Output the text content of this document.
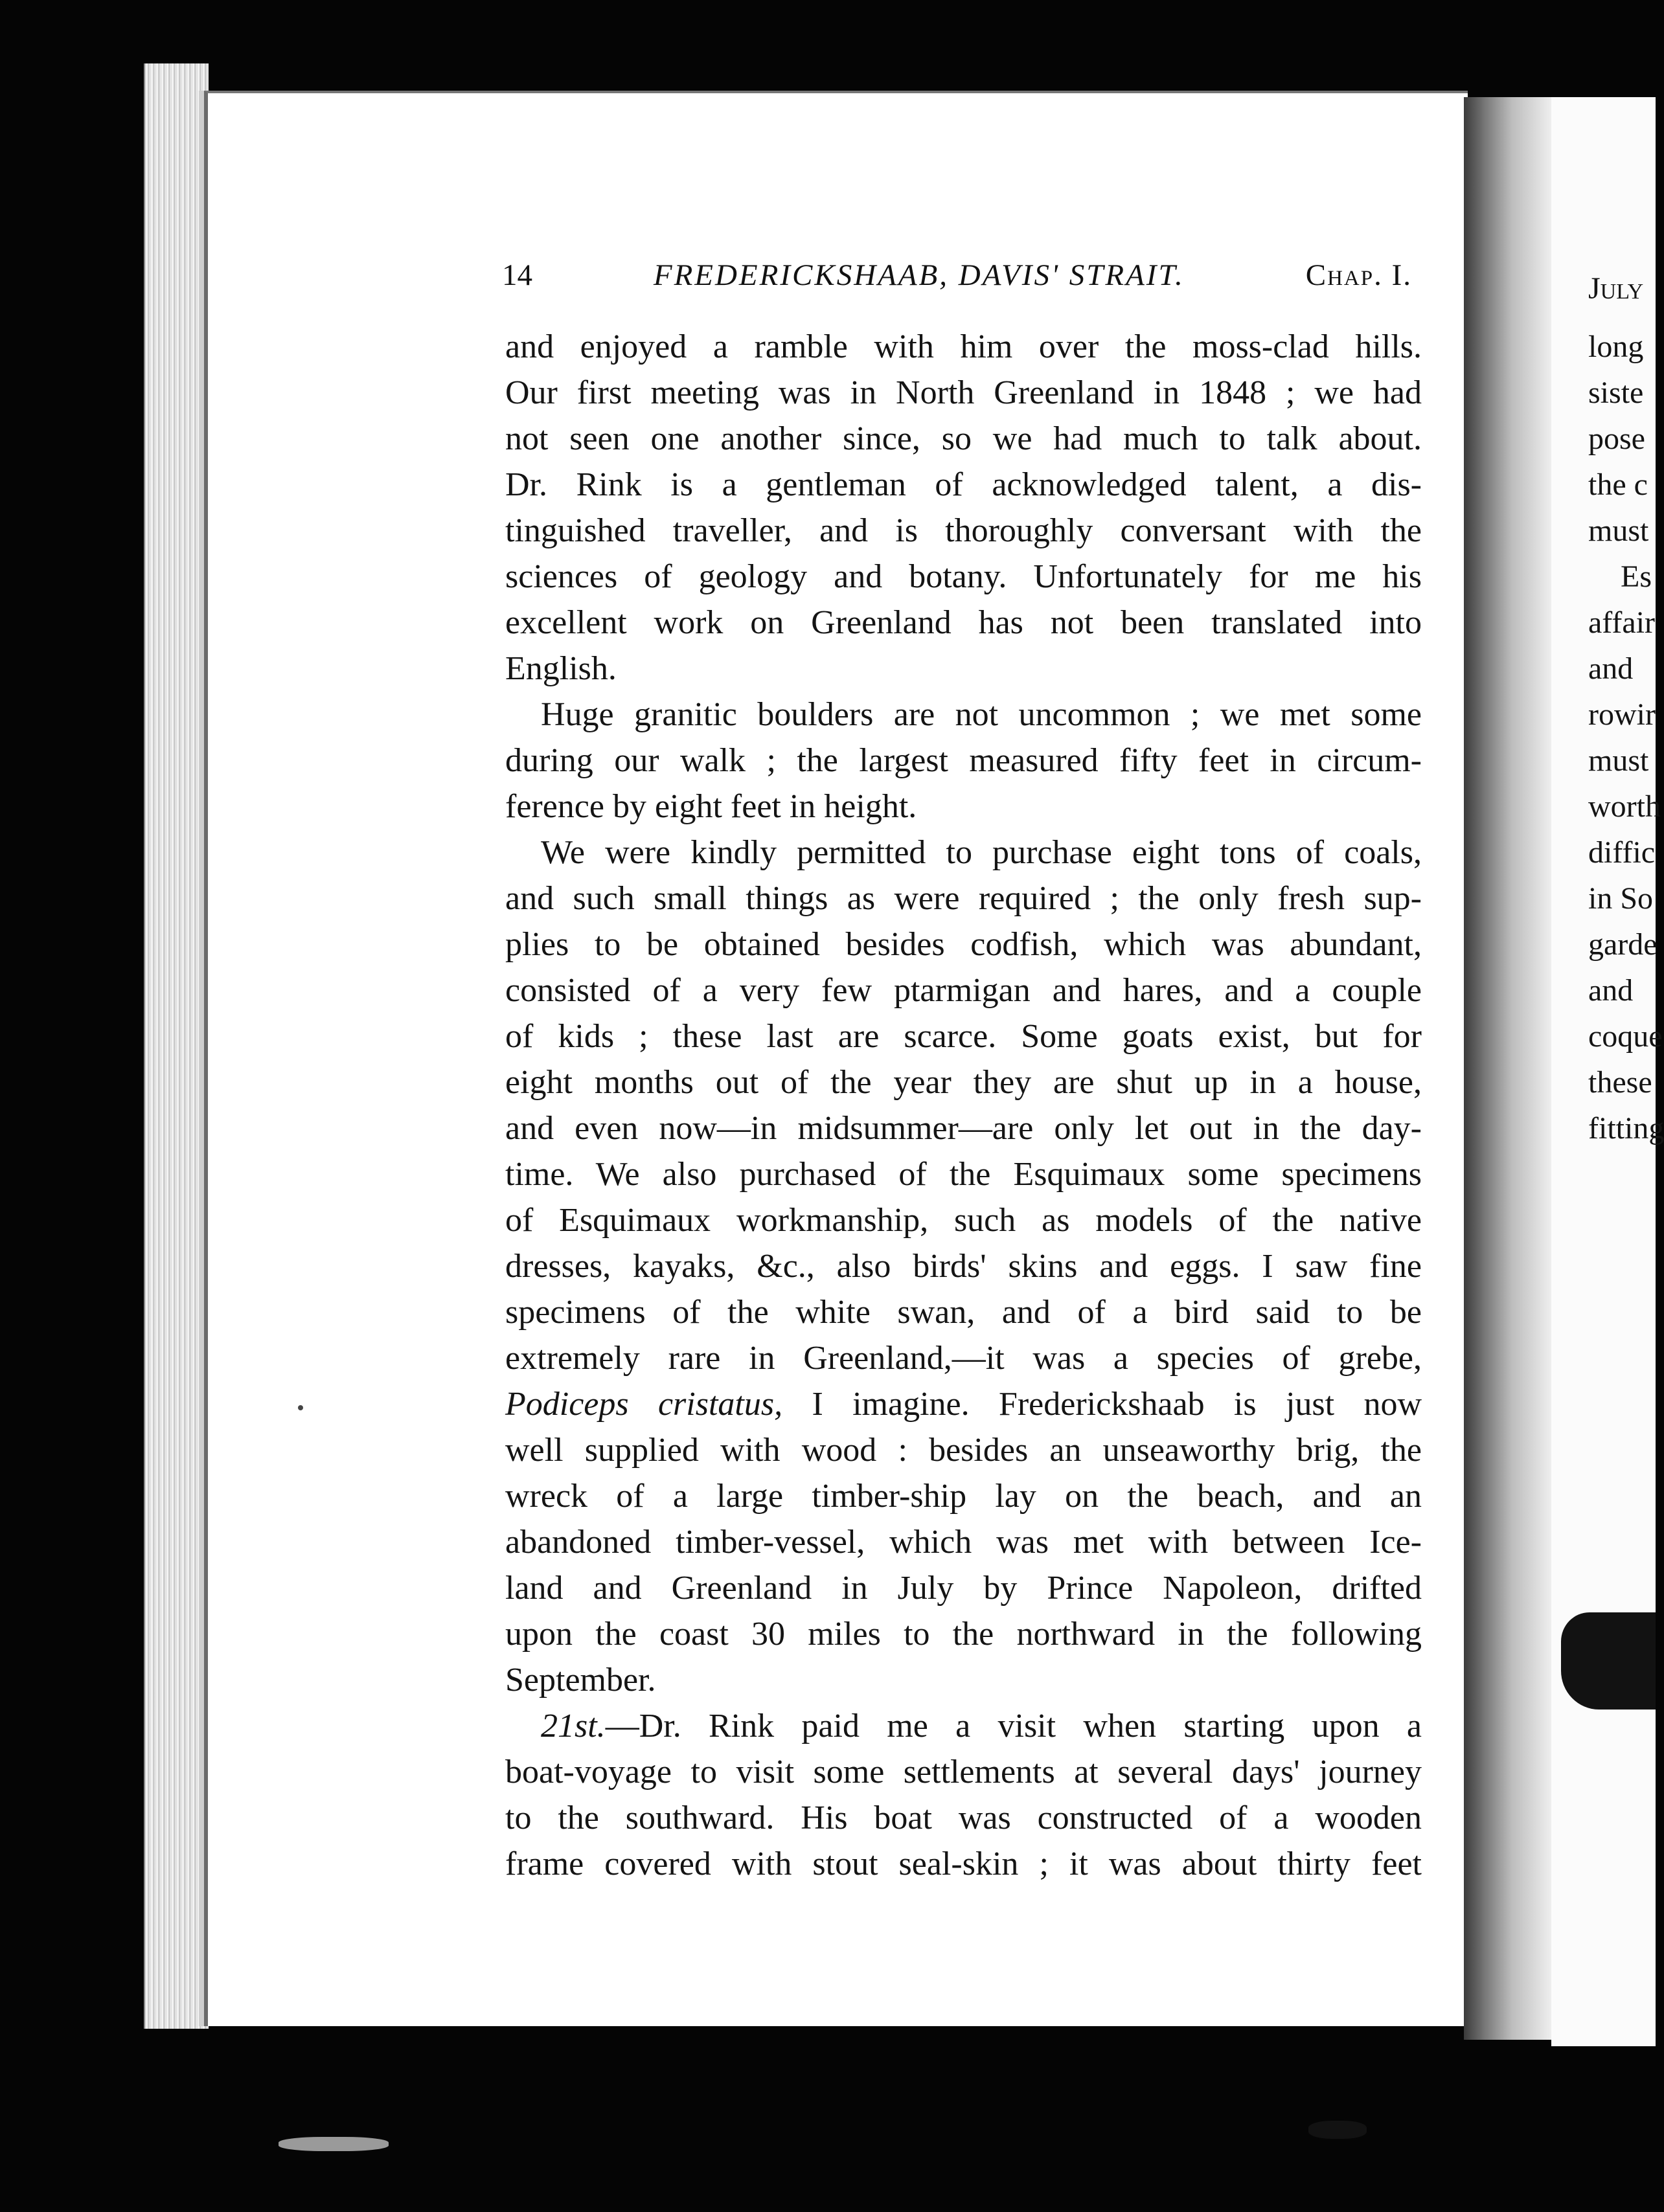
14	FREDERICKSHAAB, DAVIS' STRAIT.	Chap. I.
and enjoyed a ramble with him over the moss-clad hills.
Our first meeting was in North Greenland in 1848 ; we had
not seen one another since, so we had much to talk about.
Dr. Rink is a gentleman of acknowledged talent, a dis-
tinguished traveller, and is thoroughly conversant with the
sciences of geology and botany. Unfortunately for me his
excellent work on Greenland has not been translated into
English.
Huge granitic boulders are not uncommon ; we met some
during our walk ; the largest measured fifty feet in circum-
ference by eight feet in height.
We were kindly permitted to purchase eight tons of coals,
and such small things as were required ; the only fresh sup-
plies to be obtained besides codfish, which was abundant,
consisted of a very few ptarmigan and hares, and a couple
of kids ; these last are scarce. Some goats exist, but for
eight months out of the year they are shut up in a house,
and even now—in midsummer—are only let out in the day-
time. We also purchased of the Esquimaux some specimens
of Esquimaux workmanship, such as models of the native
dresses, kayaks, &c., also birds' skins and eggs. I saw fine
specimens of the white swan, and of a bird said to be
extremely rare in Greenland,—it was a species of grebe,
Podiceps cristatus, I imagine. Frederickshaab is just now
well supplied with wood : besides an unseaworthy brig, the
wreck of a large timber-ship lay on the beach, and an
abandoned timber-vessel, which was met with between Ice-
land and Greenland in July by Prince Napoleon, drifted
upon the coast 30 miles to the northward in the following
September.
21st.—Dr. Rink paid me a visit when starting upon a
boat-voyage to visit some settlements at several days' journey
to the southward. His boat was constructed of a wooden
frame covered with stout seal-skin ; it was about thirty feet
July
long
siste
pose
the c
must
Es
affair
and
rowir
must
worth
diffic
in So
garde
and
coque
these
fitting
